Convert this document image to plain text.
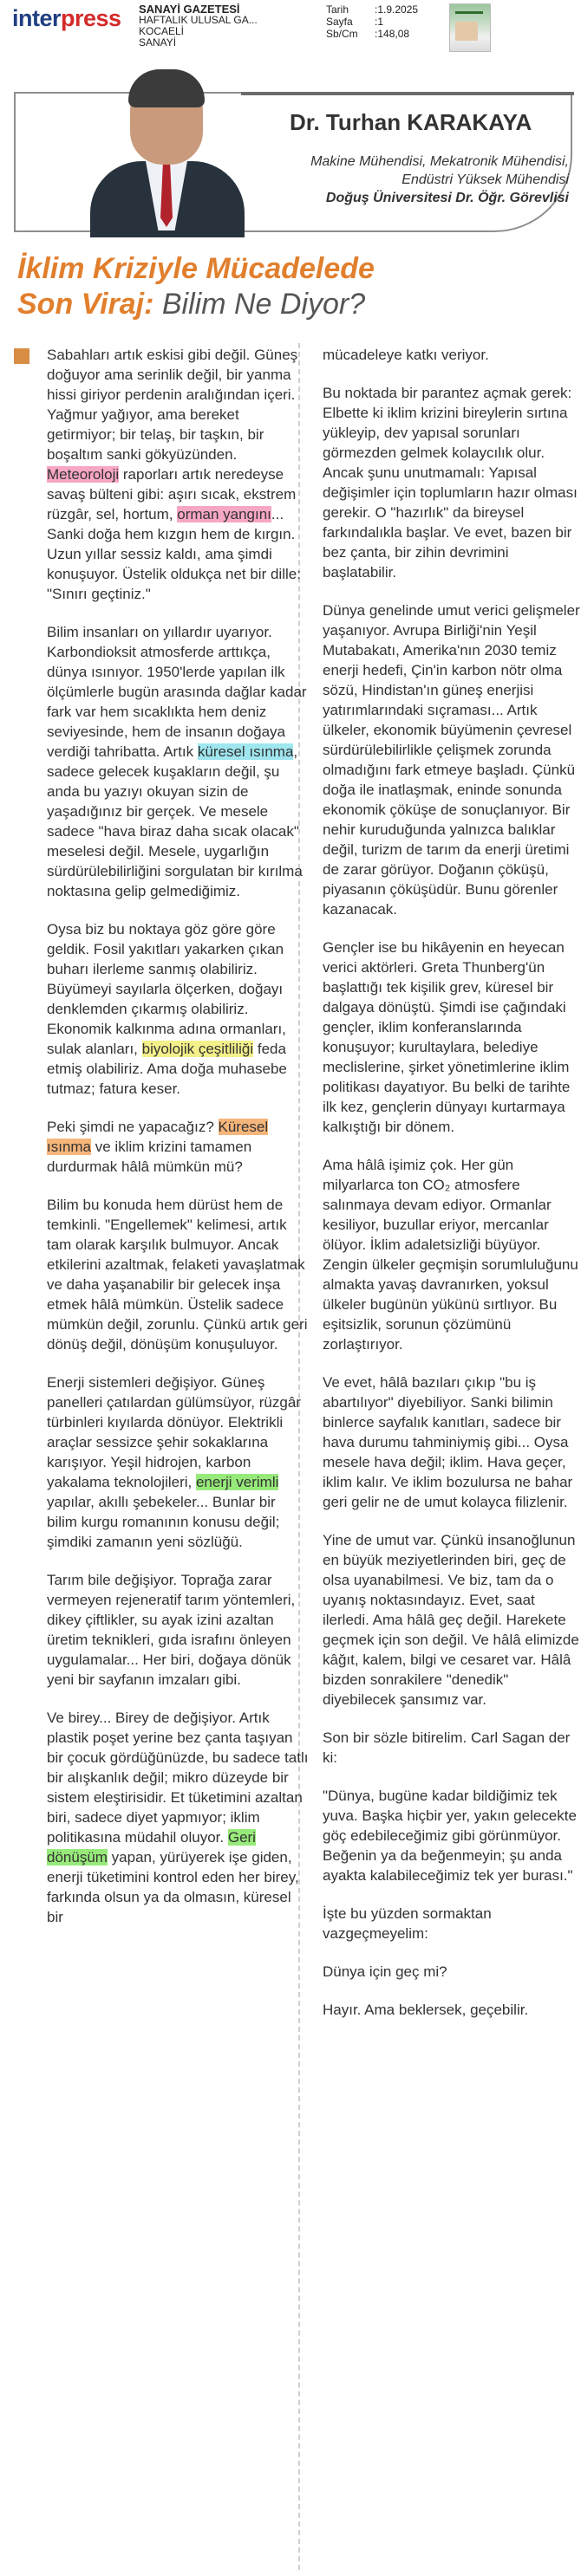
interpress SANAYİ GAZETESİ
HAFTALIK ULUSAL GA...
KOCAELİ
SANAYİ
Tarih :1.9.2025
Sayfa :1
Sb/Cm :148,08
Dr. Turhan KARAKAYA
Makine Mühendisi, Mekatronik Mühendisi,
Endüstri Yüksek Mühendisi
Doğuş Üniversitesi Dr. Öğr. Görevlisi
İklim Kriziyle Mücadelede
Son Viraj: Bilim Ne Diyor?

Sabahları artık eskisi gibi değil. Güneş doğuyor ama serinlik değil, bir yanma hissi giriyor perdenin aralığından içeri. Yağmur yağıyor, ama bereket getirmiyor; bir telaş, bir taşkın, bir boşaltım sanki gökyüzünden. Meteoroloji raporları artık neredeyse savaş bülteni gibi: aşırı sıcak, ekstrem rüzgâr, sel, hortum, orman yangını... Sanki doğa hem kızgın hem de kırgın. Uzun yıllar sessiz kaldı, ama şimdi konuşuyor. Üstelik oldukça net bir dille: "Sınırı geçtiniz."

Bilim insanları on yıllardır uyarıyor. Karbondioksit atmosferde arttıkça, dünya ısınıyor. 1950'lerde yapılan ilk ölçümlerle bugün arasında dağlar kadar fark var hem sıcaklıkta hem deniz seviyesinde, hem de insanın doğaya verdiği tahribatta. Artık küresel ısınma, sadece gelecek kuşakların değil, şu anda bu yazıyı okuyan sizin de yaşadığınız bir gerçek. Ve mesele sadece "hava biraz daha sıcak olacak" meselesi değil. Mesele, uygarlığın sürdürülebilirliğini sorgulatan bir kırılma noktasına gelip gelmediğimiz.

Oysa biz bu noktaya göz göre göre geldik. Fosil yakıtları yakarken çıkan buharı ilerleme sanmış olabiliriz. Büyümeyi sayılarla ölçerken, doğayı denklemden çıkarmış olabiliriz. Ekonomik kalkınma adına ormanları, sulak alanları, biyolojik çeşitliliği feda etmiş olabiliriz. Ama doğa muhasebe tutmaz; fatura keser.

Peki şimdi ne yapacağız? Küresel ısınma ve iklim krizini tamamen durdurmak hâlâ mümkün mü?

Bilim bu konuda hem dürüst hem de temkinli. "Engellemek" kelimesi, artık tam olarak karşılık bulmuyor. Ancak etkilerini azaltmak, felaketi yavaşlatmak ve daha yaşanabilir bir gelecek inşa etmek hâlâ mümkün. Üstelik sadece mümkün değil, zorunlu. Çünkü artık geri dönüş değil, dönüşüm konuşuluyor.

Enerji sistemleri değişiyor. Güneş panelleri çatılardan gülümsüyor, rüzgâr türbinleri kıyılarda dönüyor. Elektrikli araçlar sessizce şehir sokaklarına karışıyor. Yeşil hidrojen, karbon yakalama teknolojileri, enerji verimli yapılar, akıllı şebekeler... Bunlar bir bilim kurgu romanının konusu değil; şimdiki zamanın yeni sözlüğü.

Tarım bile değişiyor. Toprağa zarar vermeyen rejeneratif tarım yöntemleri, dikey çiftlikler, su ayak izini azaltan üretim teknikleri, gıda israfını önleyen uygulamalar... Her biri, doğaya dönük yeni bir sayfanın imzaları gibi.

Ve birey... Birey de değişiyor. Artık plastik poşet yerine bez çanta taşıyan bir çocuk gördüğünüzde, bu sadece tatlı bir alışkanlık değil; mikro düzeyde bir sistem eleştirisidir. Et tüketimini azaltan biri, sadece diyet yapmıyor; iklim politikasına müdahil oluyor. Geri dönüşüm yapan, yürüyerek işe giden, enerji tüketimini kontrol eden her birey, farkında olsun ya da olmasın, küresel bir

mücadeleye katkı veriyor.

Bu noktada bir parantez açmak gerek: Elbette ki iklim krizini bireylerin sırtına yükleyip, dev yapısal sorunları görmezden gelmek kolaycılık olur. Ancak şunu unutmamalı: Yapısal değişimler için toplumların hazır olması gerekir. O "hazırlık" da bireysel farkındalıkla başlar. Ve evet, bazen bir bez çanta, bir zihin devrimini başlatabilir.

Dünya genelinde umut verici gelişmeler yaşanıyor. Avrupa Birliği'nin Yeşil Mutabakatı, Amerika'nın 2030 temiz enerji hedefi, Çin'in karbon nötr olma sözü, Hindistan'ın güneş enerjisi yatırımlarındaki sıçraması... Artık ülkeler, ekonomik büyümenin çevresel sürdürülebilirlikle çelişmek zorunda olmadığını fark etmeye başladı. Çünkü doğa ile inatlaşmak, eninde sonunda ekonomik çöküşe de sonuçlanıyor. Bir nehir kuruduğunda yalnızca balıklar değil, turizm de tarım da enerji üretimi de zarar görüyor. Doğanın çöküşü, piyasanın çöküşüdür. Bunu görenler kazanacak.

Gençler ise bu hikâyenin en heyecan verici aktörleri. Greta Thunberg'ün başlattığı tek kişilik grev, küresel bir dalgaya dönüştü. Şimdi ise çağındaki gençler, iklim konferanslarında konuşuyor; kurultaylara, belediye meclislerine, şirket yönetimlerine iklim politikası dayatıyor. Bu belki de tarihte ilk kez, gençlerin dünyayı kurtarmaya kalkıştığı bir dönem.

Ama hâlâ işimiz çok. Her gün milyarlarca ton CO₂ atmosfere salınmaya devam ediyor. Ormanlar kesiliyor, buzullar eriyor, mercanlar ölüyor. İklim adaletsizliği büyüyor. Zengin ülkeler geçmişin sorumluluğunu almakta yavaş davranırken, yoksul ülkeler bugünün yükünü sırtlıyor. Bu eşitsizlik, sorunun çözümünü zorlaştırıyor.

Ve evet, hâlâ bazıları çıkıp "bu iş abartılıyor" diyebiliyor. Sanki bilimin binlerce sayfalık kanıtları, sadece bir hava durumu tahminiymiş gibi... Oysa mesele hava değil; iklim. Hava geçer, iklim kalır. Ve iklim bozulursa ne bahar geri gelir ne de umut kolayca filizlenir.

Yine de umut var. Çünkü insanoğlunun en büyük meziyetlerinden biri, geç de olsa uyanabilmesi. Ve biz, tam da o uyanış noktasındayız. Evet, saat ilerledi. Ama hâlâ geç değil. Harekete geçmek için son değil. Ve hâlâ elimizde kâğıt, kalem, bilgi ve cesaret var. Hâlâ bizden sonrakilere "denedik" diyebilecek şansımız var.

Son bir sözle bitirelim. Carl Sagan der ki:

"Dünya, bugüne kadar bildiğimiz tek yuva. Başka hiçbir yer, yakın gelecekte göç edebileceğimiz gibi görünmüyor. Beğenin ya da beğenmeyin; şu anda ayakta kalabileceğimiz tek yer burası."

İşte bu yüzden sormaktan vazgeçmeyelim:

Dünya için geç mi?

Hayır. Ama beklersek, geçebilir.
